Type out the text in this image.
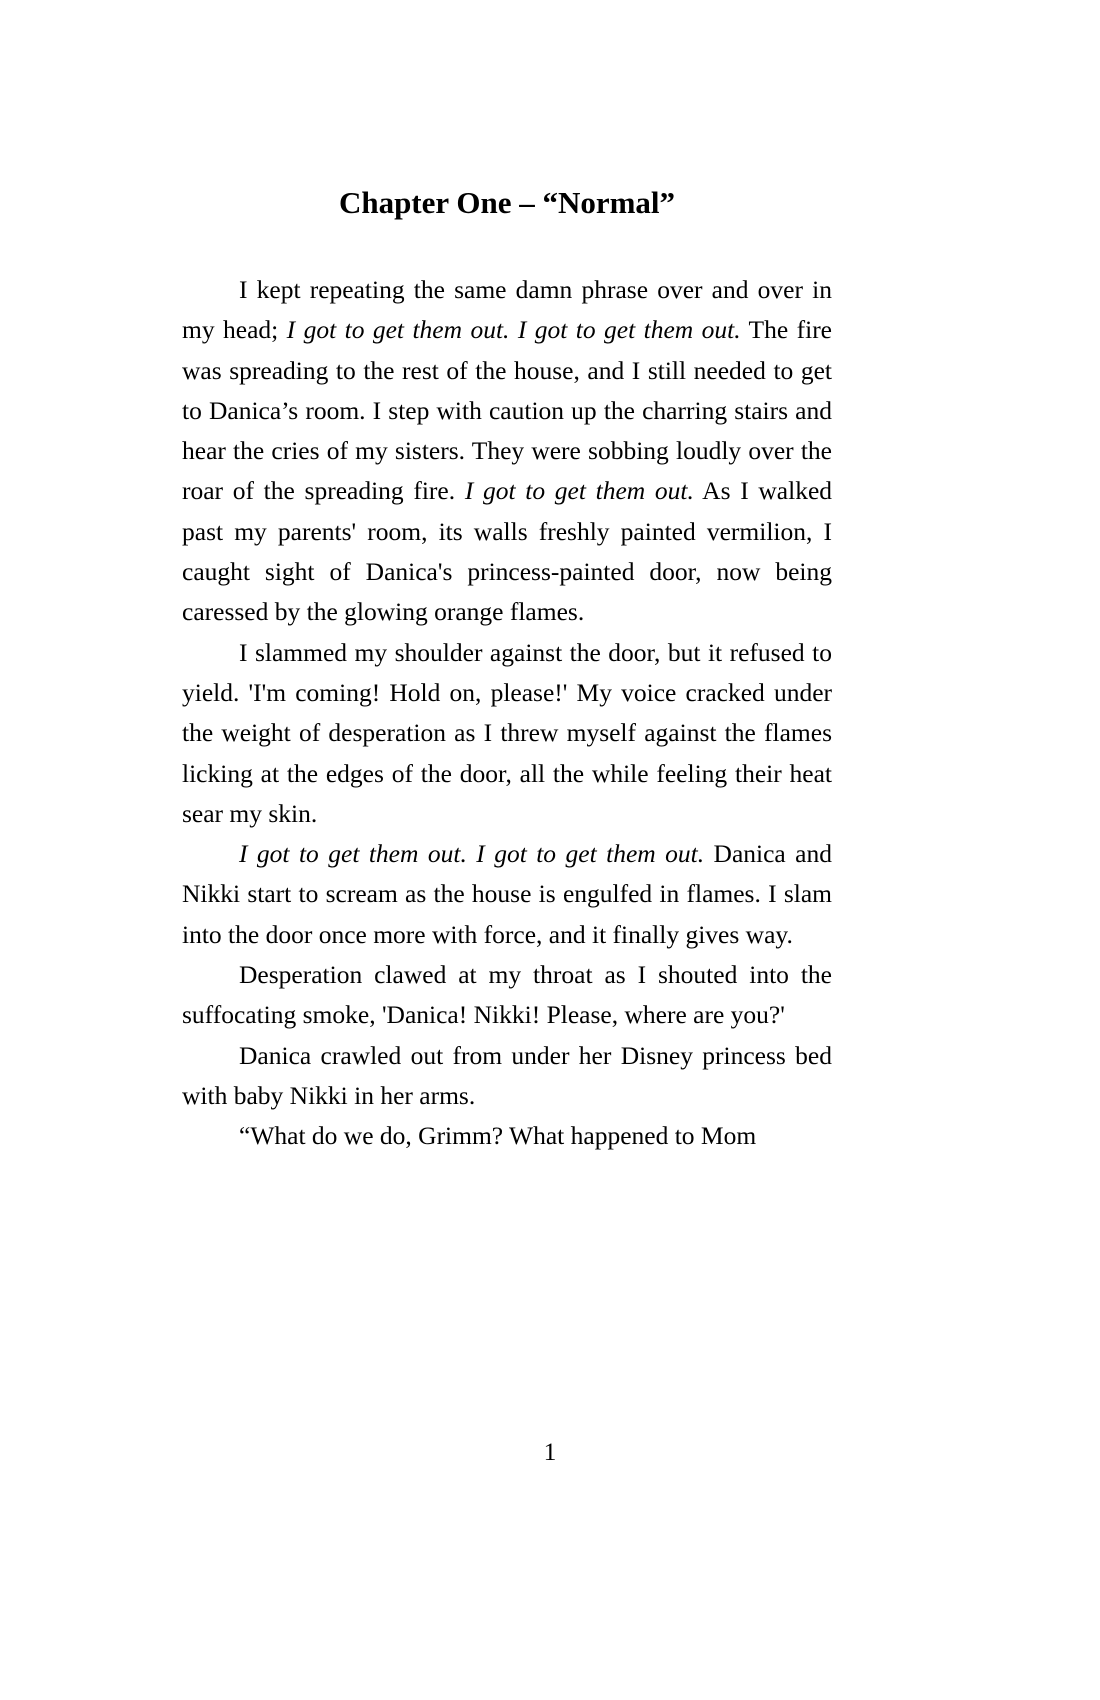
Chapter One – “Normal”

I kept repeating the same damn phrase over and over in my head; I got to get them out. I got to get them out. The fire was spreading to the rest of the house, and I still needed to get to Danica’s room. I step with caution up the charring stairs and hear the cries of my sisters. They were sobbing loudly over the roar of the spreading fire. I got to get them out. As I walked past my parents' room, its walls freshly painted vermilion, I caught sight of Danica's princess-painted door, now being caressed by the glowing orange flames.

I slammed my shoulder against the door, but it refused to yield. 'I'm coming! Hold on, please!' My voice cracked under the weight of desperation as I threw myself against the flames licking at the edges of the door, all the while feeling their heat sear my skin.

I got to get them out. I got to get them out. Danica and Nikki start to scream as the house is engulfed in flames. I slam into the door once more with force, and it finally gives way.

Desperation clawed at my throat as I shouted into the suffocating smoke, 'Danica! Nikki! Please, where are you?'

Danica crawled out from under her Disney princess bed with baby Nikki in her arms.

“What do we do, Grimm? What happened to Mom

1
